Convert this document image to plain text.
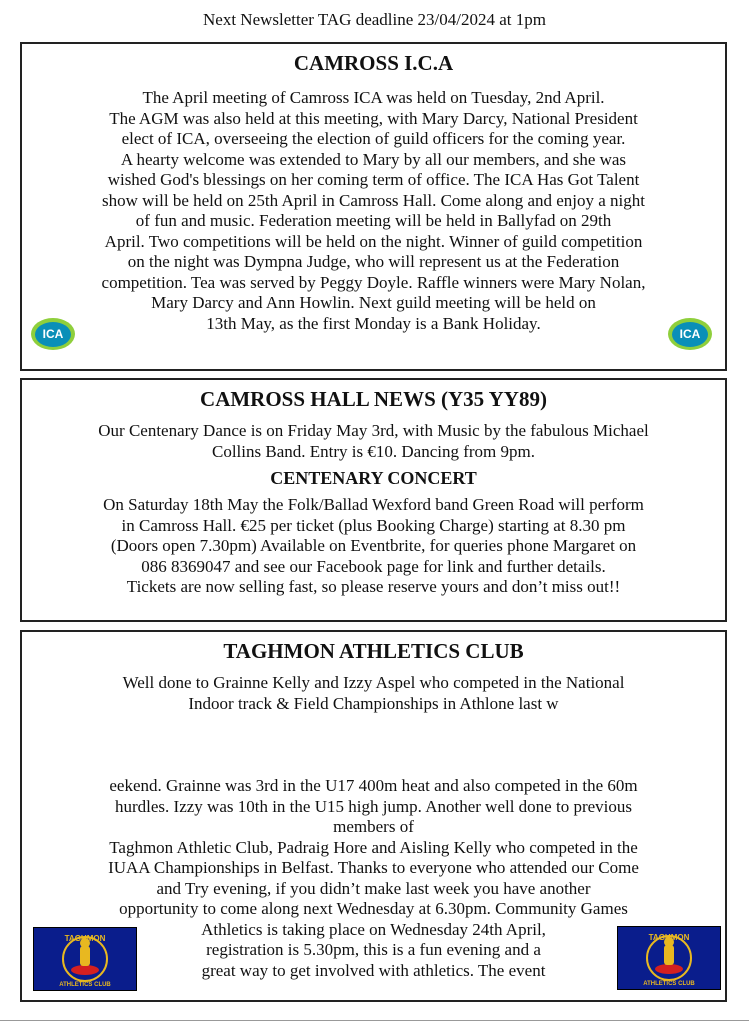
Next Newsletter TAG deadline 23/04/2024 at 1pm

CAMROSS I.C.A

The April meeting of Camross ICA was held on Tuesday, 2nd April.
The AGM was also held at this meeting, with Mary Darcy, National President
elect of ICA, overseeing the election of guild officers for the coming year.
A hearty welcome was extended to Mary by all our members, and she was
wished God's blessings on her coming term of office. The ICA Has Got Talent
show will be held on 25th April in Camross Hall. Come along and enjoy a night
of fun and music. Federation meeting will be held in Ballyfad on 29th
April. Two competitions will be held on the night. Winner of guild competition
on the night was Dympna Judge, who will represent us at the Federation
competition. Tea was served by Peggy Doyle. Raffle winners were Mary Nolan,
Mary Darcy and Ann Howlin. Next guild meeting will be held on
13th May, as the first Monday is a Bank Holiday.

ICA	ICA

CAMROSS HALL NEWS (Y35 YY89)

Our Centenary Dance is on Friday May 3rd, with Music by the fabulous Michael
Collins Band. Entry is €10. Dancing from 9pm.

CENTENARY CONCERT

On Saturday 18th May the Folk/Ballad Wexford band Green Road will perform
in Camross Hall. €25 per ticket (plus Booking Charge) starting at 8.30 pm
(Doors open 7.30pm) Available on Eventbrite, for queries phone Margaret on
086 8369047 and see our Facebook page for link and further details.
Tickets are now selling fast, so please reserve yours and don’t miss out!!

TAGHMON ATHLETICS CLUB

Well done to Grainne Kelly and Izzy Aspel who competed in the National
Indoor track & Field Championships in Athlone last w

eekend. Grainne was 3rd in the U17 400m heat and also competed in the 60m
hurdles. Izzy was 10th in the U15 high jump. Another well done to previous
members of
Taghmon Athletic Club, Padraig Hore and Aisling Kelly who competed in the
IUAA Championships in Belfast. Thanks to everyone who attended our Come
and Try evening, if you didn’t make last week you have another
opportunity to come along next Wednesday at 6.30pm. Community Games
Athletics is taking place on Wednesday 24th April,
registration is 5.30pm, this is a fun evening and a
great way to get involved with athletics. The event

TAGHMON
ATHLETICS CLUB
TAGHMON
ATHLETICS CLUB
